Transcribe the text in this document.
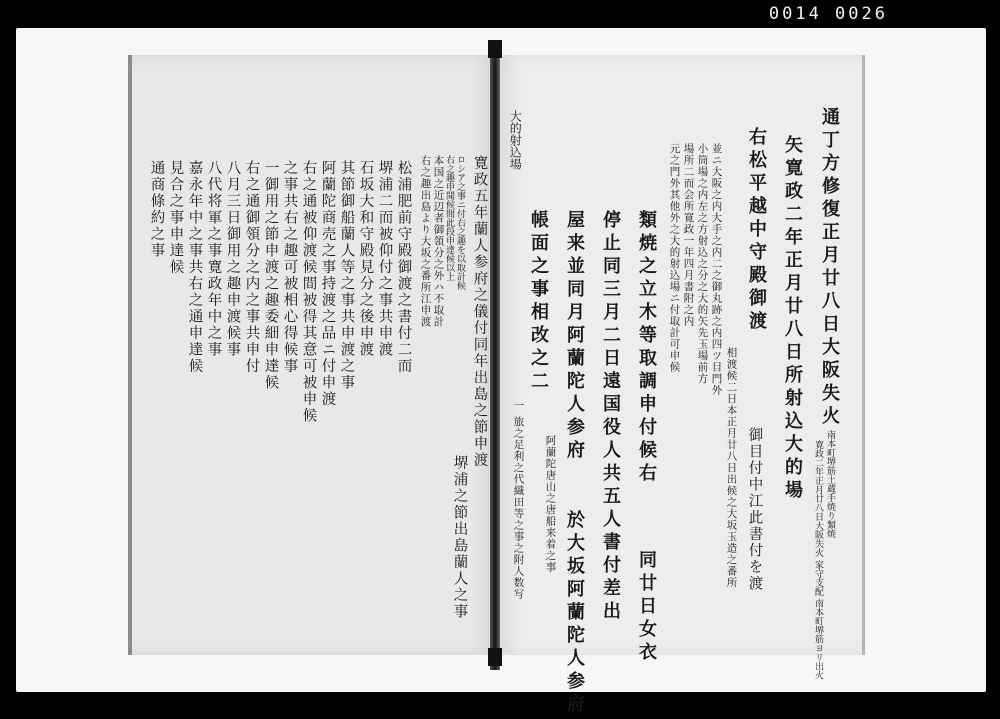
0014 0026
寛政五年蘭人参府之儀付同年出島之節申渡
ロシア之事ニ付右之趣を以取計候
右之趣申聞候間此段申達候以上
堺浦之節出島蘭人之事
本国之近辺者御領分之外ハ不取計
右之趣出島より大坂之番所江申渡
松浦肥前守殿御渡之書付二而
堺浦二而被仰付之事共申渡
石坂大和守殿見分之後申渡
其節御船蘭人等之事共申渡之事
阿蘭陀商売之事持渡之品ニ付申渡
右之通被仰渡候間被得其意可被申候
之事共右之趣可被相心得候事
一御用之節申渡之趣委細申達候
右之通御領分之内之事共申付
八月三日御用之趣申渡候事
八代将軍之事寛政年中之事
嘉永年中之事共右之通申達候
見合之事申達候
通商條約之事
大的射込場	通丁方修復正月廿八日大阪失火
南本町堺筋土蔵手焼り類焼
寛政二年正月廿八日大阪失火 家守支配 南本町堺筋ヨリ出火
矢寛政二年正月廿八日所射込大的場
右松平越中守殿御渡
御目付中江此書付を渡
相渡候二日本正月廿八日出候之大坂玉造之番所
並ニ大阪之内大手之内二之御丸跡之内四ツ目門外
小筒場之内左之方射込之分之大的矢先玉場前方
場所二而会所寛政一年四月書附之内
元之門外其他外之大的射込場ニ付取計可申候
類焼之立木等取調申付候右
同廿日女衣
停止同三月二日遠国役人共五人書付差出
屋来並同月阿蘭陀人参府
於大坂阿蘭陀人参府
阿蘭陀唐山之唐船来着之事
帳面之事相改之二
一 旅之足利之代織田等之事之附人数写
